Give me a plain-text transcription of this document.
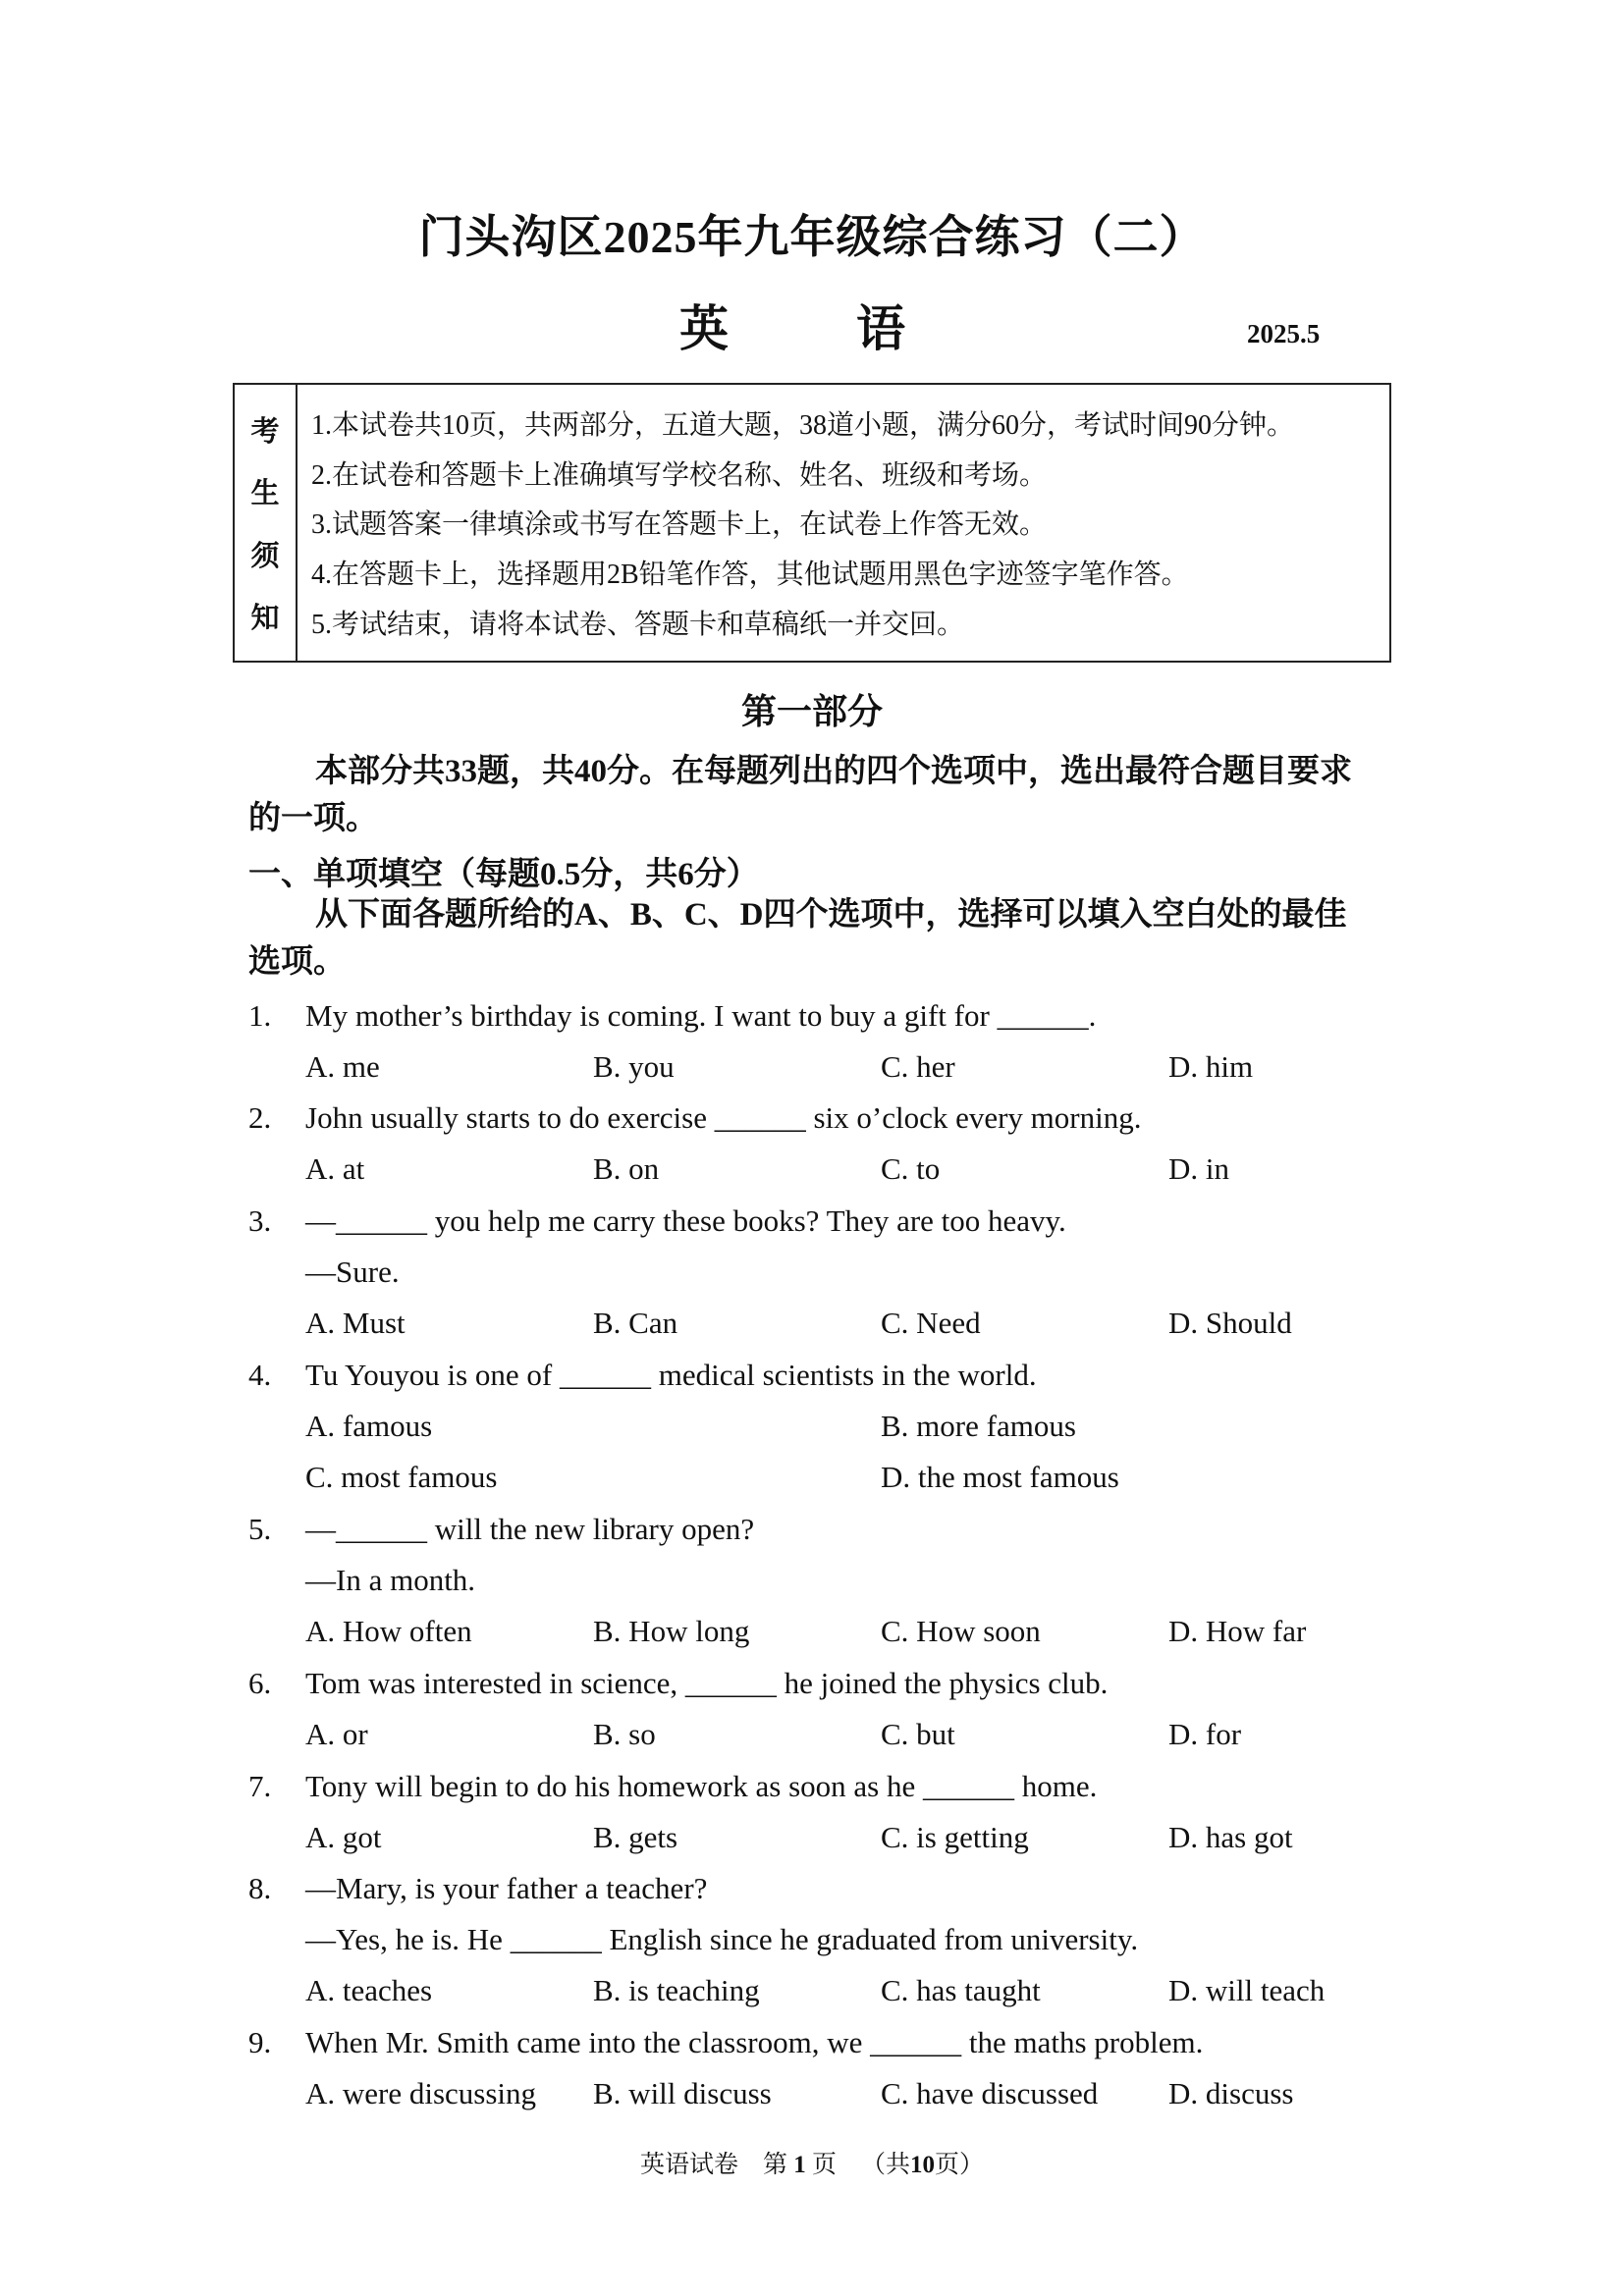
门头沟区2025年九年级综合练习（二）
英　语	2025.5
考
生
须
知
1.本试卷共10页，共两部分，五道大题，38道小题，满分60分，考试时间90分钟。
2.在试卷和答题卡上准确填写学校名称、姓名、班级和考场。
3.试题答案一律填涂或书写在答题卡上，在试卷上作答无效。
4.在答题卡上，选择题用2B铅笔作答，其他试题用黑色字迹签字笔作答。
5.考试结束，请将本试卷、答题卡和草稿纸一并交回。
第一部分
本部分共33题，共40分。在每题列出的四个选项中，选出最符合题目要求
的一项。
一、单项填空（每题0.5分，共6分）
从下面各题所给的A、B、C、D四个选项中，选择可以填入空白处的最佳
选项。
1. My mother’s birthday is coming. I want to buy a gift for ______.
A. me	B. you	C. her	D. him
2. John usually starts to do exercise ______ six o’clock every morning.
A. at	B. on	C. to	D. in
3. —______ you help me carry these books? They are too heavy.
—Sure.
A. Must	B. Can	C. Need	D. Should
4. Tu Youyou is one of ______ medical scientists in the world.
A. famous	B. more famous
C. most famous	D. the most famous
5. —______ will the new library open?
—In a month.
A. How often	B. How long	C. How soon	D. How far
6. Tom was interested in science, ______ he joined the physics club.
A. or	B. so	C. but	D. for
7. Tony will begin to do his homework as soon as he ______ home.
A. got	B. gets	C. is getting	D. has got
8. —Mary, is your father a teacher?
—Yes, he is. He ______ English since he graduated from university.
A. teaches	B. is teaching	C. has taught	D. will teach
9. When Mr. Smith came into the classroom, we ______ the maths problem.
A. were discussing B. will discuss	C. have discussed D. discuss
英语试卷 第 1 页 （共10页）
